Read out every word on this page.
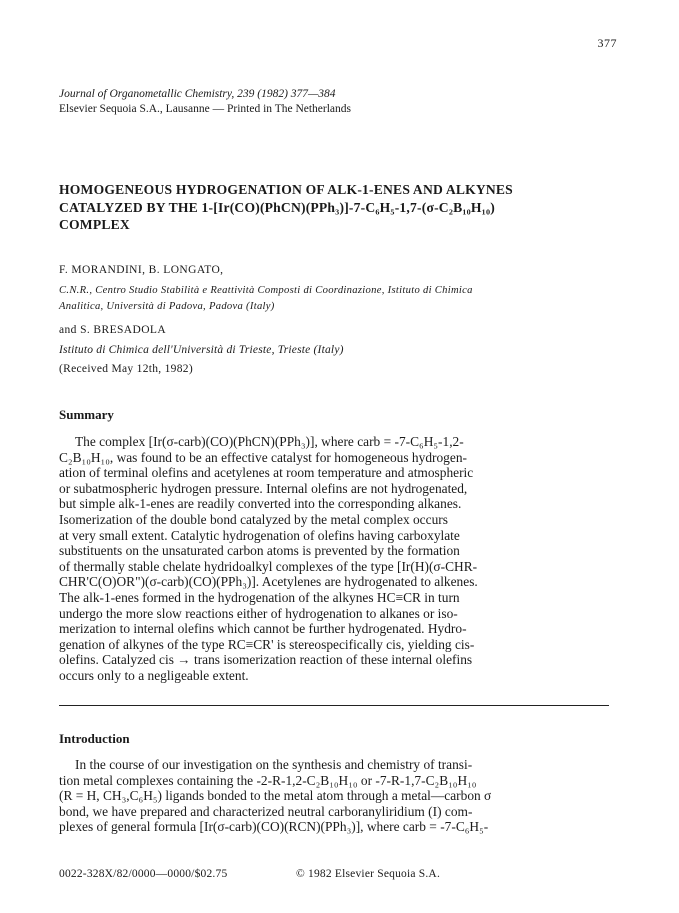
377
Journal of Organometallic Chemistry, 239 (1982) 377—384
Elsevier Sequoia S.A., Lausanne — Printed in The Netherlands
HOMOGENEOUS HYDROGENATION OF ALK-1-ENES AND ALKYNES
CATALYZED BY THE 1-[Ir(CO)(PhCN)(PPh₃)]-7-C₆H₅-1,7-(σ-C₂B₁₀H₁₀)
COMPLEX
F. MORANDINI, B. LONGATO,
C.N.R., Centro Studio Stabilità e Reattività Composti di Coordinazione, Istituto di Chimica
Analitica, Università di Padova, Padova (Italy)
and S. BRESADOLA
Istituto di Chimica dell'Università di Trieste, Trieste (Italy)
(Received May 12th, 1982)
Summary
The complex [Ir(σ-carb)(CO)(PhCN)(PPh₃)], where carb = -7-C₆H₅-1,2-
C₂B₁₀H₁₀, was found to be an effective catalyst for homogeneous hydrogen-
ation of terminal olefins and acetylenes at room temperature and atmospheric
or subatmospheric hydrogen pressure. Internal olefins are not hydrogenated,
but simple alk-1-enes are readily converted into the corresponding alkanes.
Isomerization of the double bond catalyzed by the metal complex occurs
at very small extent. Catalytic hydrogenation of olefins having carboxylate
substituents on the unsaturated carbon atoms is prevented by the formation
of thermally stable chelate hydridoalkyl complexes of the type [Ir(H)(σ-CHR-
CHR'C(O)OR")(σ-carb)(CO)(PPh₃)]. Acetylenes are hydrogenated to alkenes.
The alk-1-enes formed in the hydrogenation of the alkynes HC≡CR in turn
undergo the more slow reactions either of hydrogenation to alkanes or iso-
merization to internal olefins which cannot be further hydrogenated. Hydro-
genation of alkynes of the type RC≡CR' is stereospecifically cis, yielding cis-
olefins. Catalyzed cis → trans isomerization reaction of these internal olefins
occurs only to a negligeable extent.
Introduction
In the course of our investigation on the synthesis and chemistry of transi-
tion metal complexes containing the -2-R-1,2-C₂B₁₀H₁₀ or -7-R-1,7-C₂B₁₀H₁₀
(R = H, CH₃,C₆H₅) ligands bonded to the metal atom through a metal—carbon σ
bond, we have prepared and characterized neutral carboranyliridium (I) com-
plexes of general formula [Ir(σ-carb)(CO)(RCN)(PPh₃)], where carb = -7-C₆H₅-
0022-328X/82/0000—0000/$02.75	© 1982 Elsevier Sequoia S.A.
